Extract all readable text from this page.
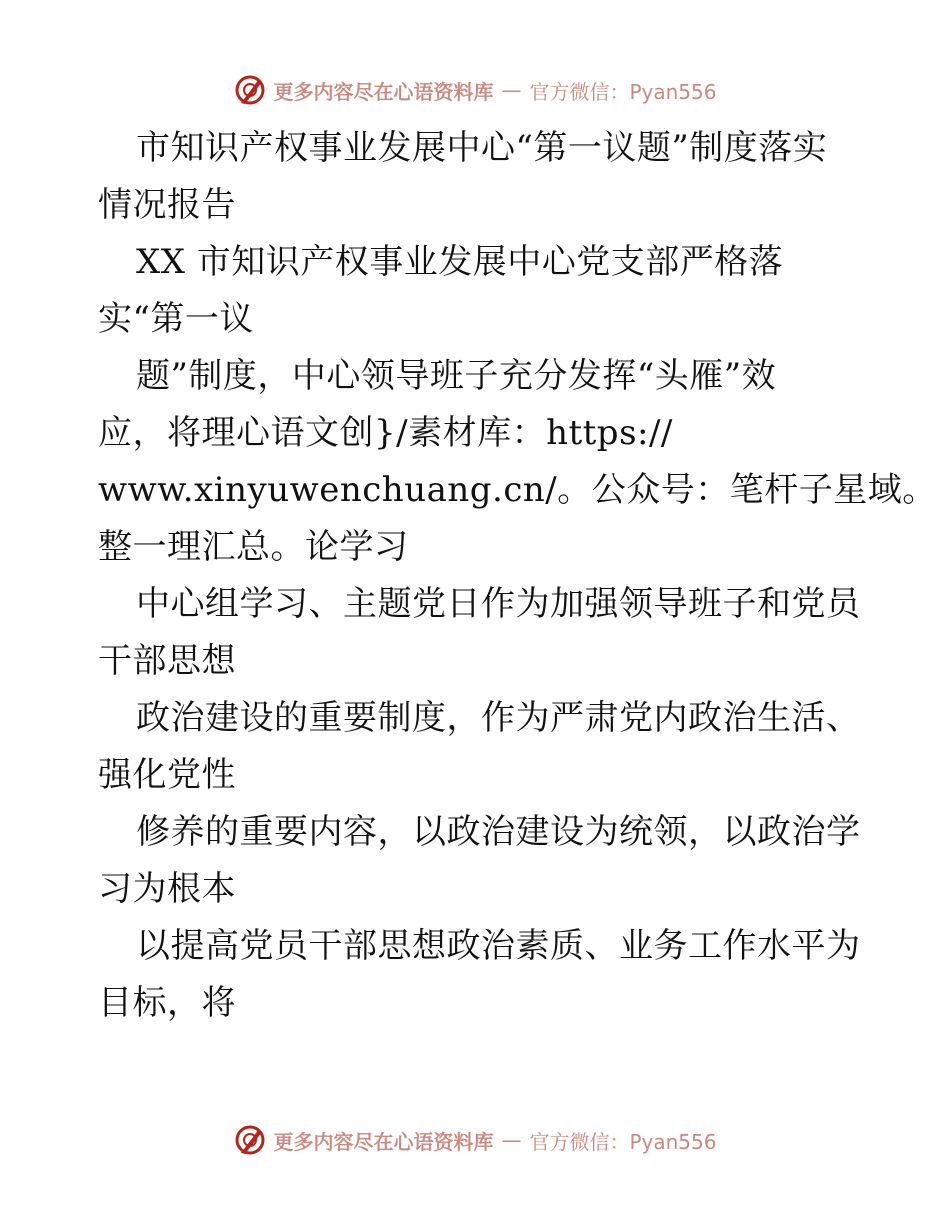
更多内容尽在心语资料库 — 官方微信：Pyan556
市知识产权事业发展中心“第一议题”制度落实
情况报告
XX 市知识产权事业发展中心党支部严格落
实“第一议
题”制度，中心领导班子充分发挥“头雁”效
应，将理心语文创}/素材库：https://
www.xinyuwenchuang.cn/。公众号：笔杆子星域。
整一理汇总。论学习
中心组学习、主题党日作为加强领导班子和党员
干部思想
政治建设的重要制度，作为严肃党内政治生活、
强化党性
修养的重要内容，以政治建设为统领，以政治学
习为根本
以提高党员干部思想政治素质、业务工作水平为
目标，将
更多内容尽在心语资料库 — 官方微信：Pyan556
